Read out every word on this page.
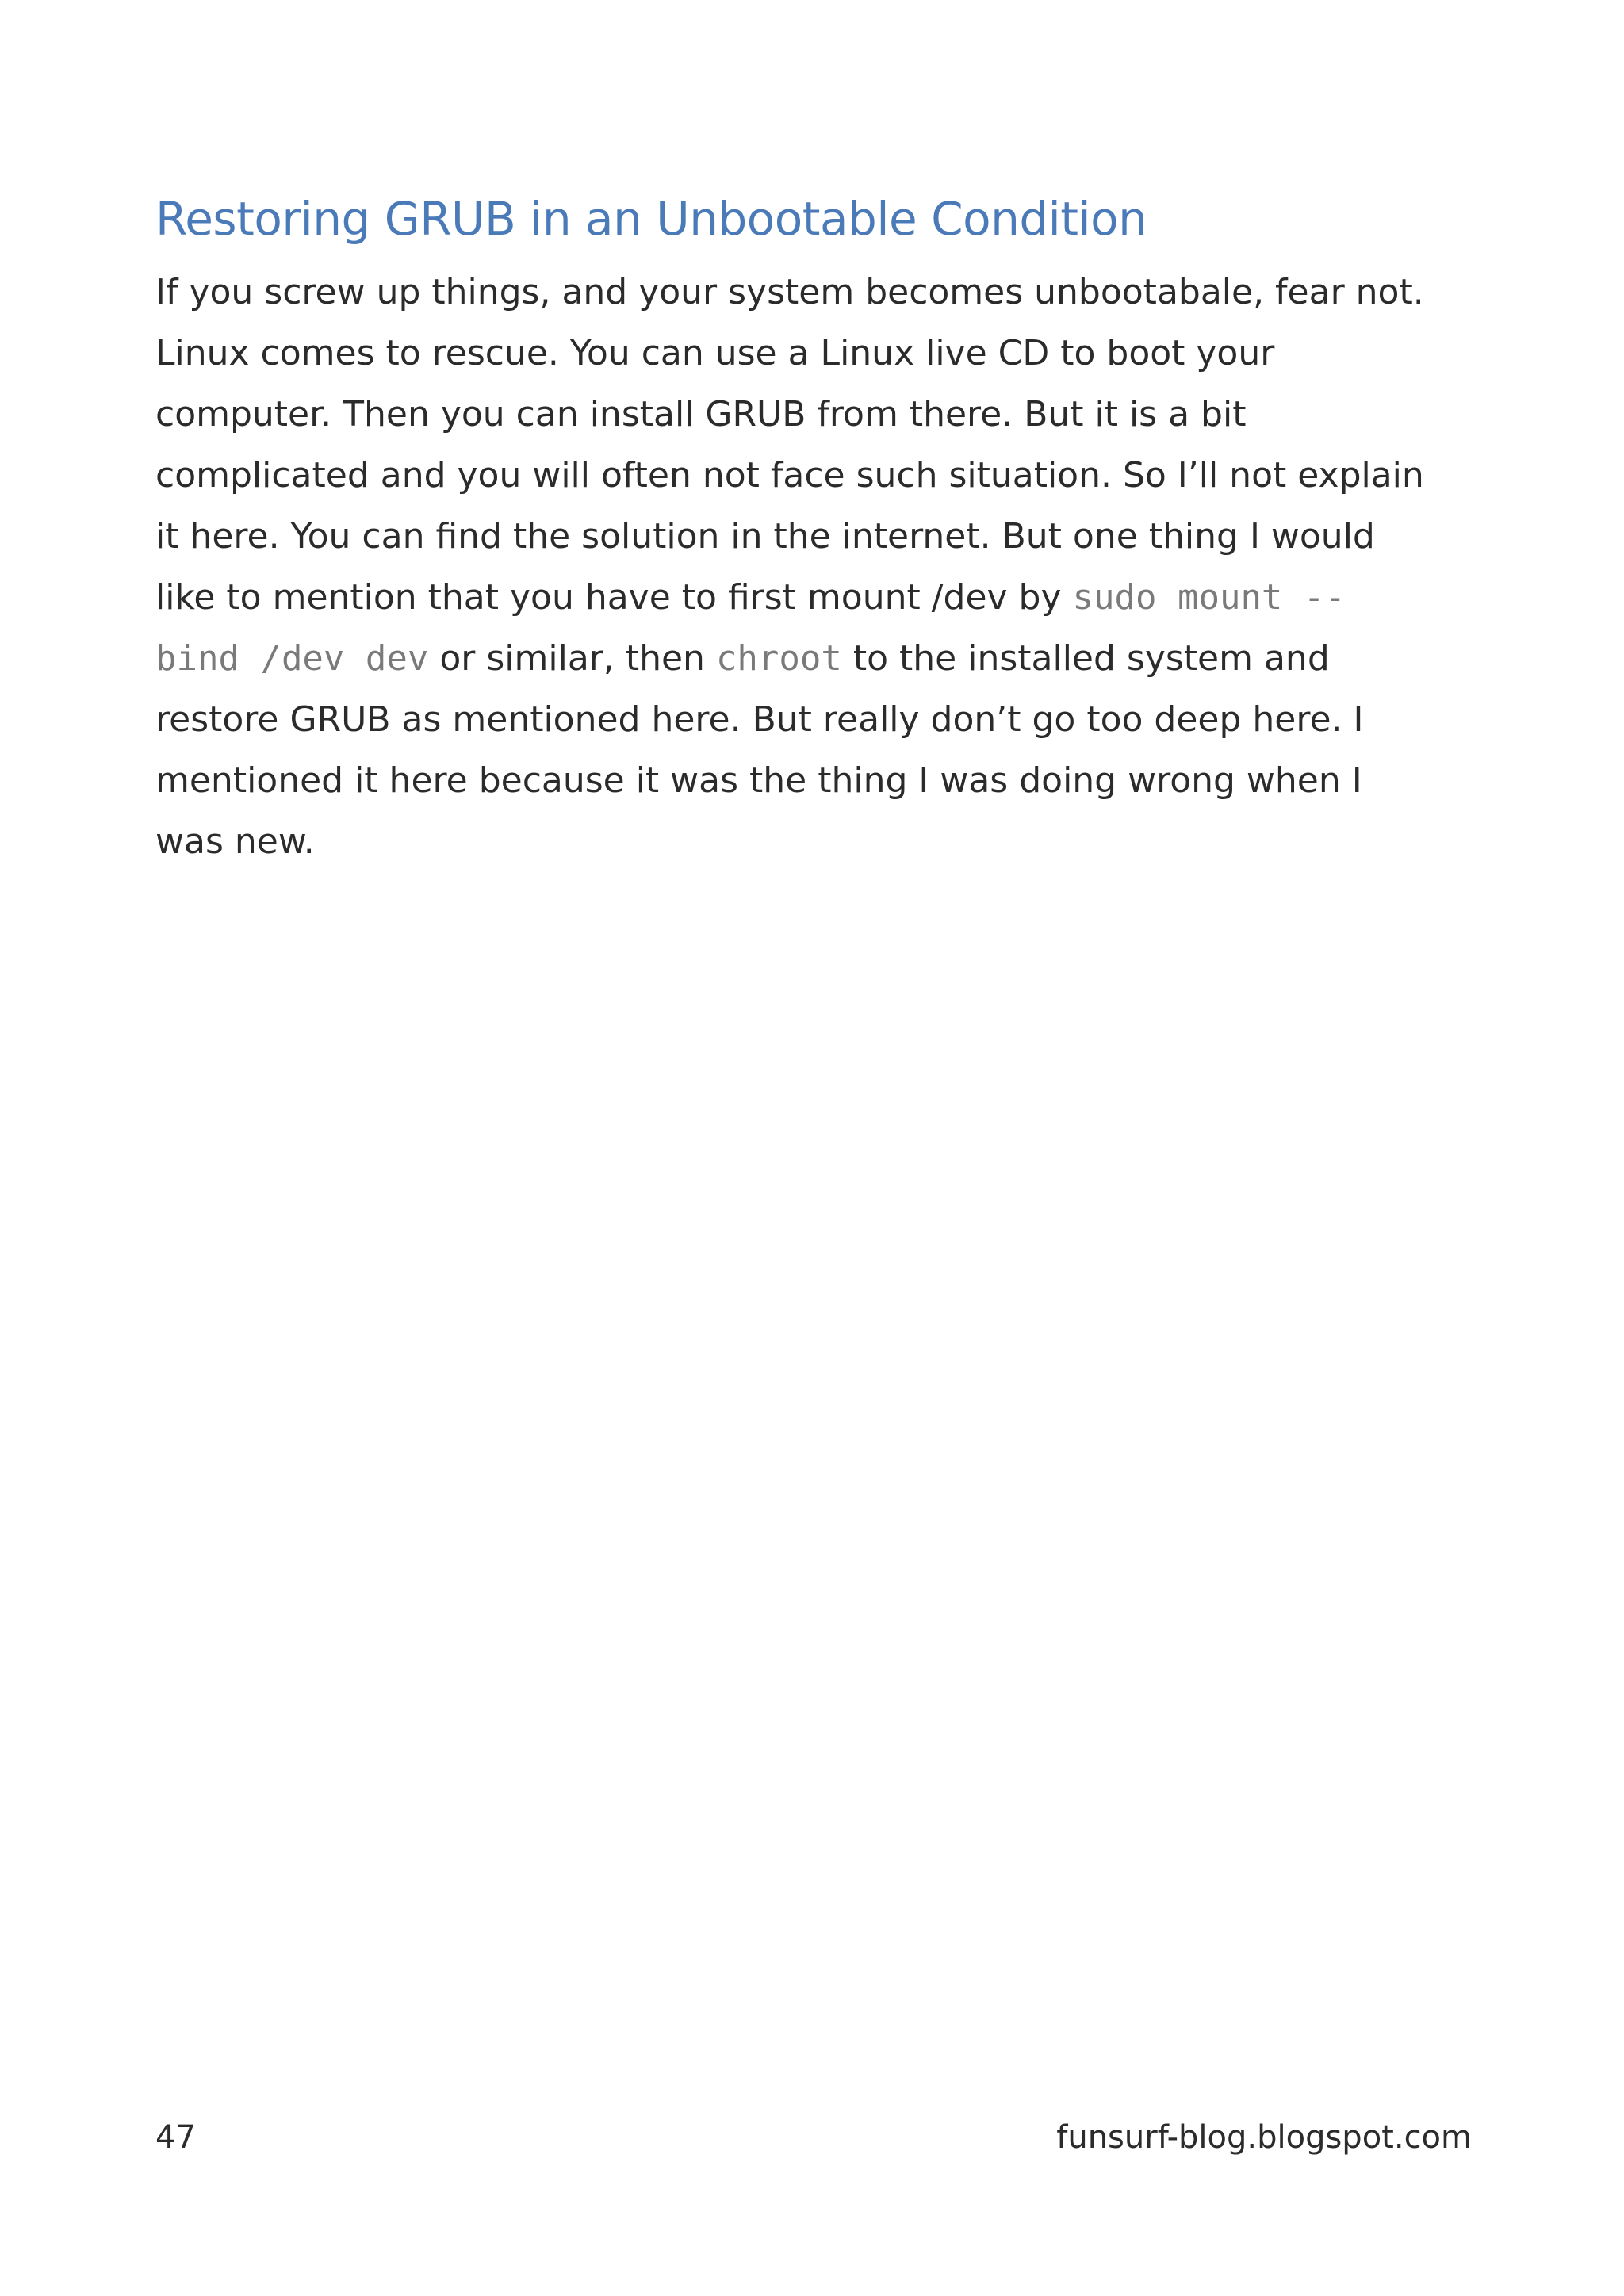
Restoring GRUB in an Unbootable Condition

If you screw up things, and your system becomes unbootabale, fear not.
Linux comes to rescue. You can use a Linux live CD to boot your
computer. Then you can install GRUB from there. But it is a bit
complicated and you will often not face such situation. So I’ll not explain
it here. You can find the solution in the internet. But one thing I would
like to mention that you have to first mount /dev by sudo mount --
bind /dev dev or similar, then chroot to the installed system and
restore GRUB as mentioned here. But really don’t go too deep here. I
mentioned it here because it was the thing I was doing wrong when I
was new.

47	funsurf-blog.blogspot.com
